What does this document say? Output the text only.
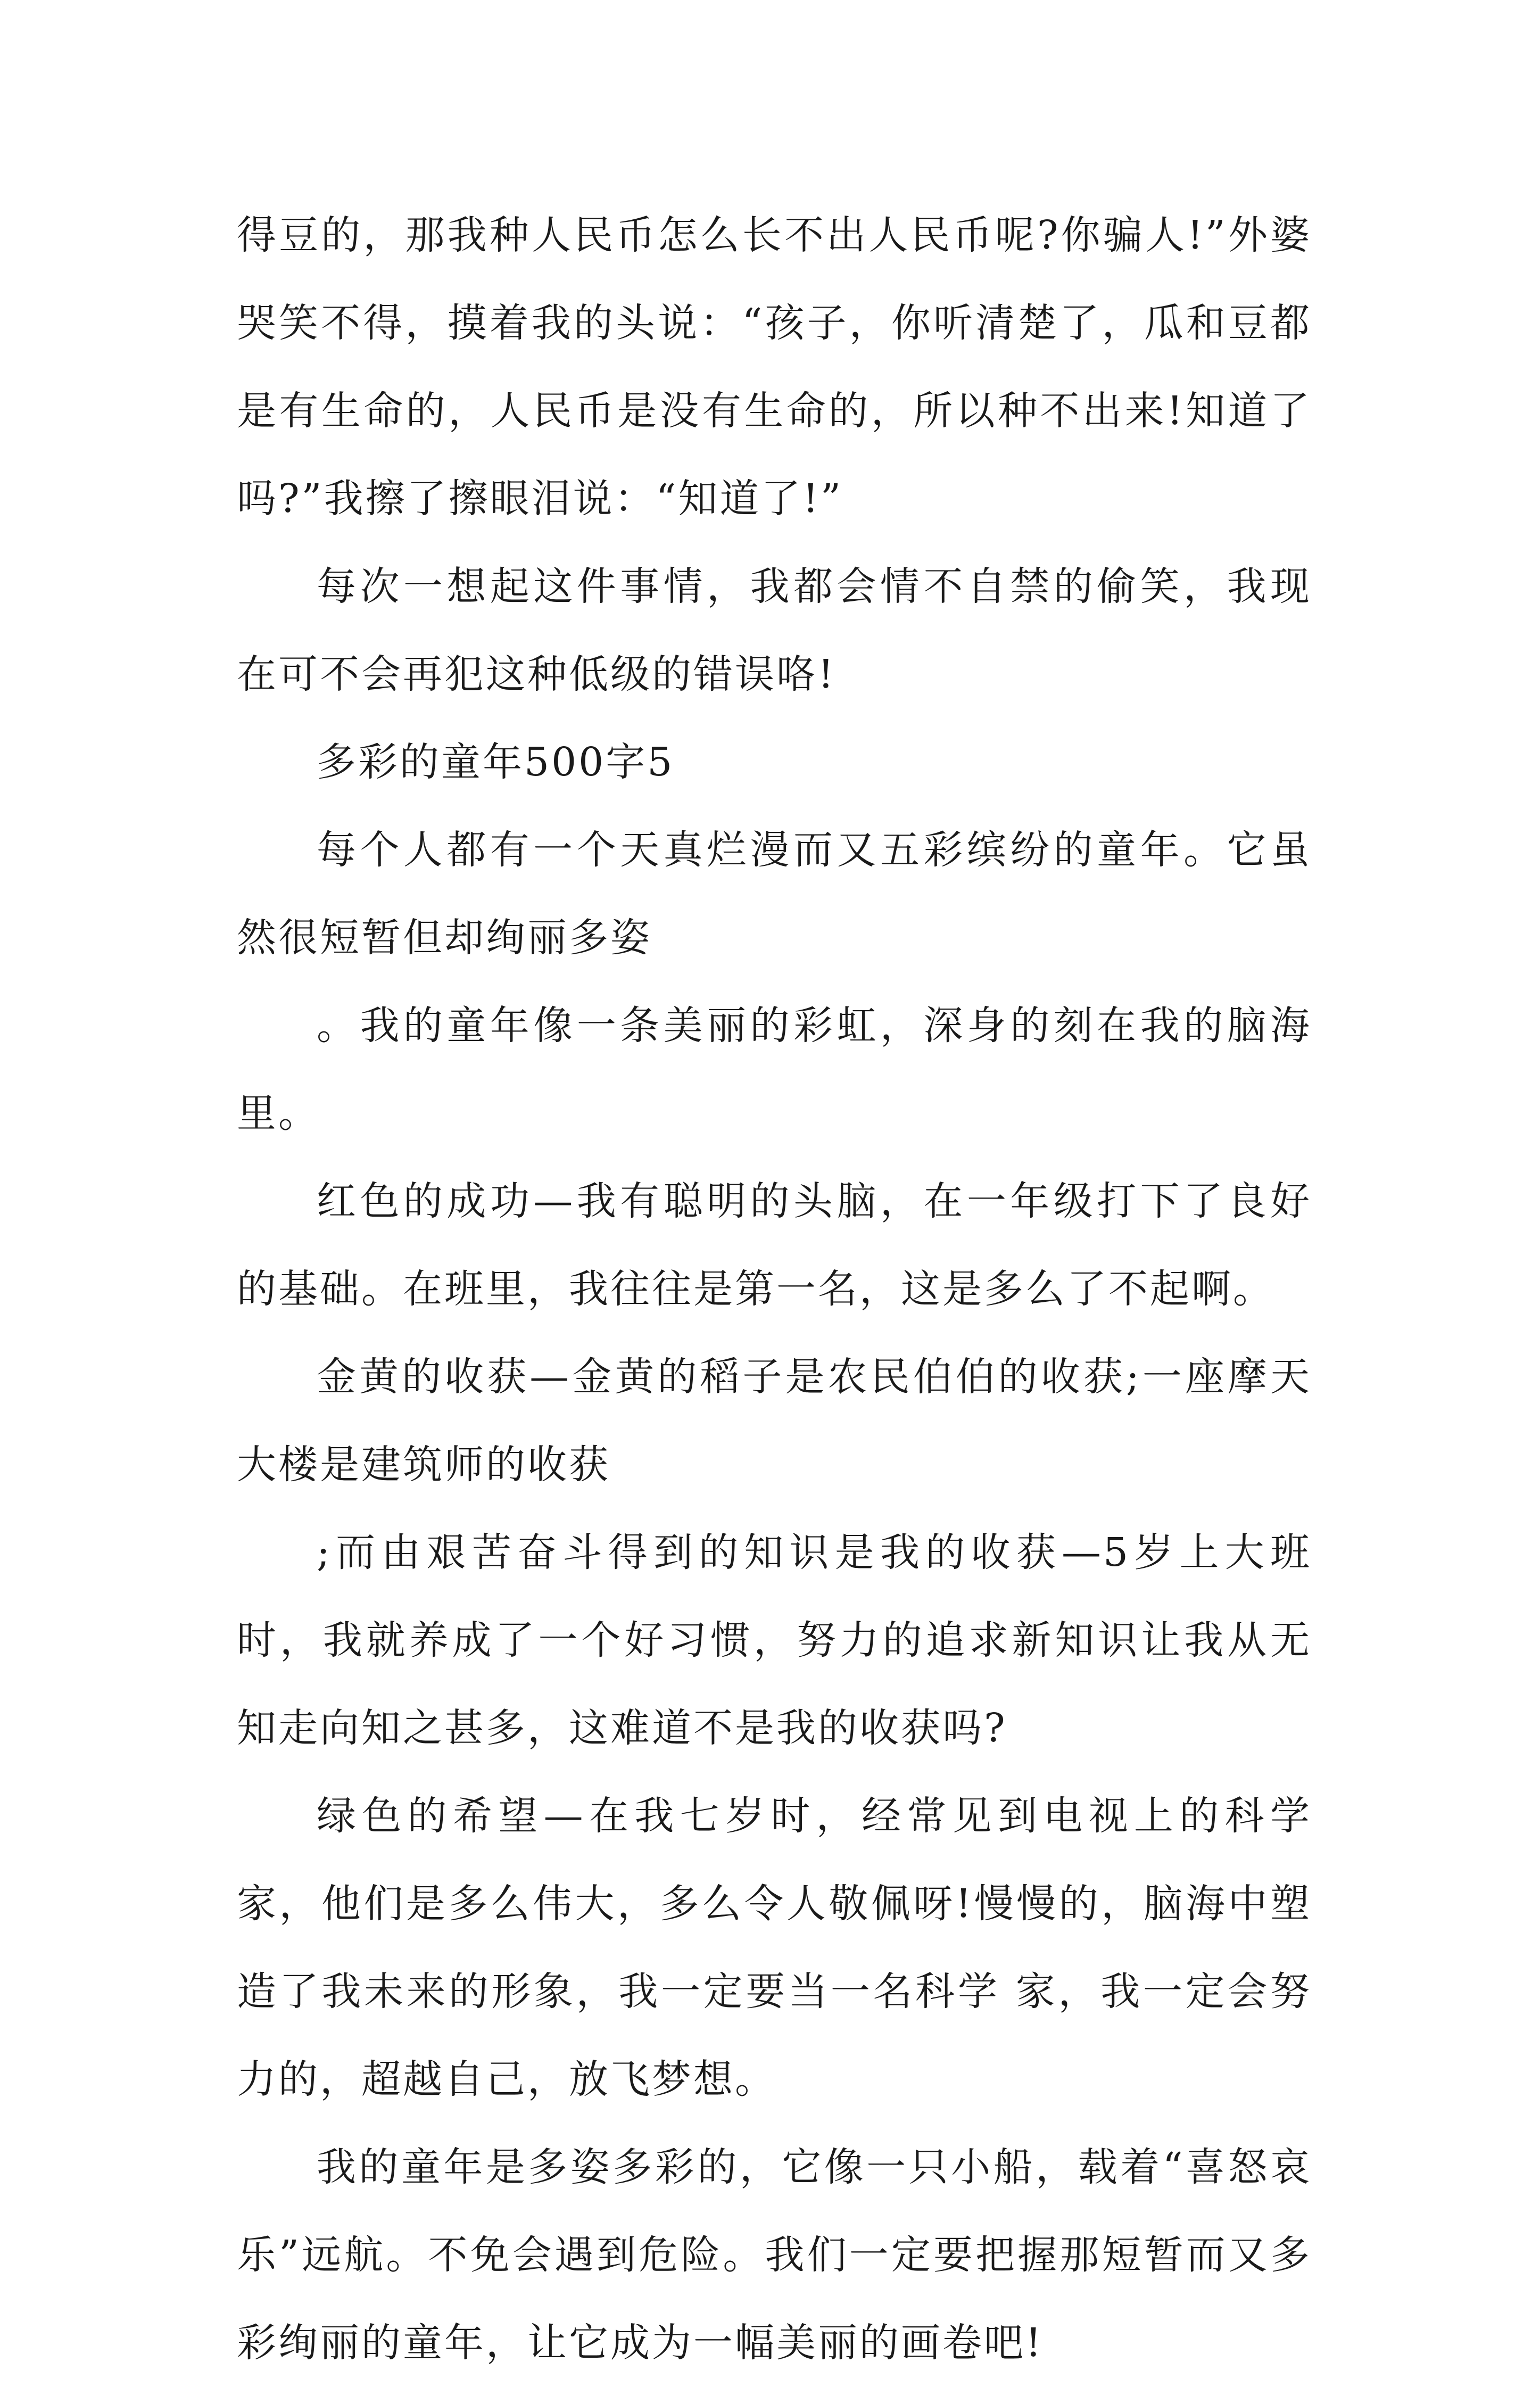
得豆的，那我种人民币怎么长不出人民币呢?你骗人!”外婆哭笑不得，摸着我的头说：“孩子，你听清楚了，瓜和豆都是有生命的，人民币是没有生命的，所以种不出来!知道了吗?”我擦了擦眼泪说：“知道了!”

每次一想起这件事情，我都会情不自禁的偷笑，我现在可不会再犯这种低级的错误咯!

多彩的童年500字5

每个人都有一个天真烂漫而又五彩缤纷的童年。它虽然很短暂但却绚丽多姿

。我的童年像一条美丽的彩虹，深身的刻在我的脑海里。

红色的成功—我有聪明的头脑，在一年级打下了良好的基础。在班里，我往往是第一名，这是多么了不起啊。

金黄的收获—金黄的稻子是农民伯伯的收获;一座摩天大楼是建筑师的收获

;而由艰苦奋斗得到的知识是我的收获—5岁上大班时，我就养成了一个好习惯，努力的追求新知识让我从无知走向知之甚多，这难道不是我的收获吗?

绿色的希望—在我七岁时，经常见到电视上的科学家，他们是多么伟大，多么令人敬佩呀!慢慢的，脑海中塑造了我未来的形象，我一定要当一名科学 家，我一定会努力的，超越自己，放飞梦想。

我的童年是多姿多彩的，它像一只小船，载着“喜怒哀乐”远航。不免会遇到危险。我们一定要把握那短暂而又多彩绚丽的童年，让它成为一幅美丽的画卷吧!
